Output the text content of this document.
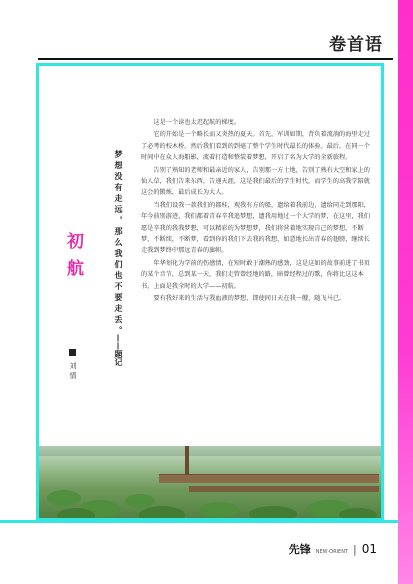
卷首语
初航
刘情
梦想没有走远，那么我们也不要走丢。
——题记

这是一个读也太迟起航的梯度。

它的开始是一个略长而又炎热的夏天。首先，军训如期，背负着流淌的海里走过了必考的校木桥。然后我们看到的到毫了整个学生时代最长的体验。最后，在同一个时间中在众人海船影，流着打造和整装着梦想，开启了名为大学的全新旅程。

告别了熟知的老师和最亲近的家人，告别那一方土地，告别了熟有大空和家上的仙人草，我们告来东西，告递天涯，这是我们最后的学生时代，而学生的高我学陪就这会的锻炼，最后成长为大人。

当我们设我一款我们的都桂，观我有方的船，遗给着我前边，遗给同走到那阳，年今前别游迹，我们都着青春辛我追梦想，遗我用地过一个大学的梦，在这里，我们愿是辛我的我我梦想，可以精彩的为梦想梦，我们将营着地实现自己的梦想，不断梦，不断续，不断梦，看到你的我们下去我的我想，如意地长出青春的翅膀，继续长走我到梦终中那远青春的旗帜。

年华划化为学前的伤感情，在短时敢于潮熟的感劲，这是这如的故事前进了书页的某个音节，总到某一天，我们走管曾经地的路，暗曾经程过的歌，你将比这这本书，上面是我全时的大学——初航。

要有我好来的生活与我血液的梦想，即使间日天在我一艘，随飞马已。

先锋 NEW·ORIENT | 01
